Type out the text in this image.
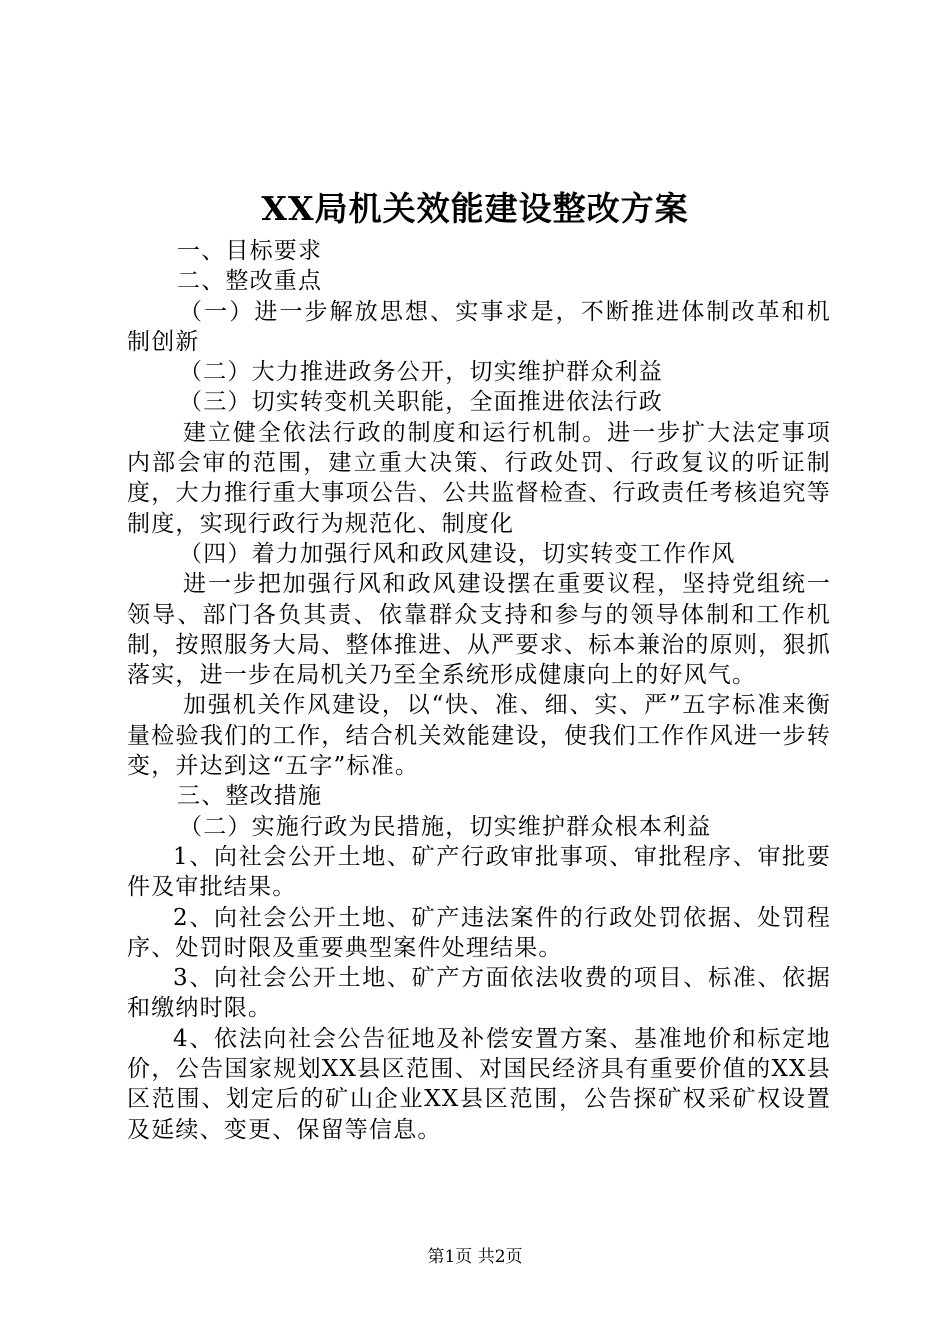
XX局机关效能建设整改方案

一、目标要求

二、整改重点

（一）进一步解放思想、实事求是，不断推进体制改革和机制创新

（二）大力推进政务公开，切实维护群众利益

（三）切实转变机关职能，全面推进依法行政

建立健全依法行政的制度和运行机制。进一步扩大法定事项内部会审的范围，建立重大决策、行政处罚、行政复议的听证制度，大力推行重大事项公告、公共监督检查、行政责任考核追究等制度，实现行政行为规范化、制度化

（四）着力加强行风和政风建设，切实转变工作作风

进一步把加强行风和政风建设摆在重要议程，坚持党组统一领导、部门各负其责、依靠群众支持和参与的领导体制和工作机制，按照服务大局、整体推进、从严要求、标本兼治的原则，狠抓落实，进一步在局机关乃至全系统形成健康向上的好风气。

加强机关作风建设，以“快、准、细、实、严”五字标准来衡量检验我们的工作，结合机关效能建设，使我们工作作风进一步转变，并达到这“五字”标准。

三、整改措施

（二）实施行政为民措施，切实维护群众根本利益

1、向社会公开土地、矿产行政审批事项、审批程序、审批要件及审批结果。

2、向社会公开土地、矿产违法案件的行政处罚依据、处罚程序、处罚时限及重要典型案件处理结果。

3、向社会公开土地、矿产方面依法收费的项目、标准、依据和缴纳时限。

4、依法向社会公告征地及补偿安置方案、基准地价和标定地价，公告国家规划XX县区范围、对国民经济具有重要价值的XX县区范围、划定后的矿山企业XX县区范围，公告探矿权采矿权设置及延续、变更、保留等信息。

第1页 共2页
